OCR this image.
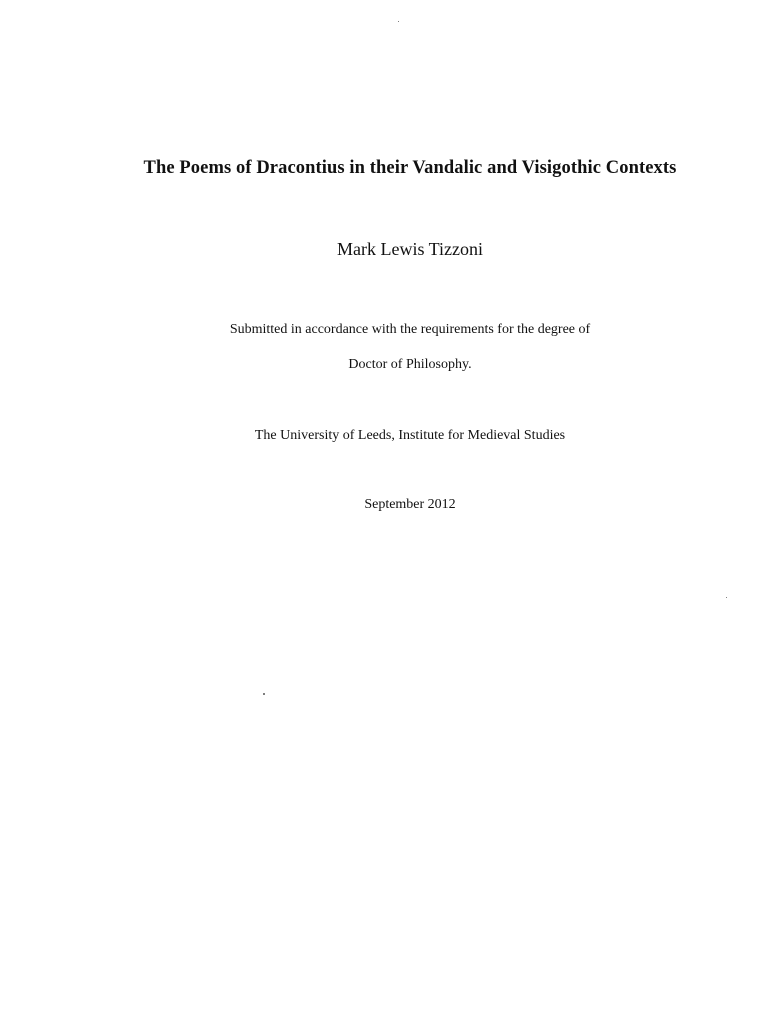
The Poems of Dracontius in their Vandalic and Visigothic Contexts
Mark Lewis Tizzoni
Submitted in accordance with the requirements for the degree of
Doctor of Philosophy.
The University of Leeds, Institute for Medieval Studies
September 2012
